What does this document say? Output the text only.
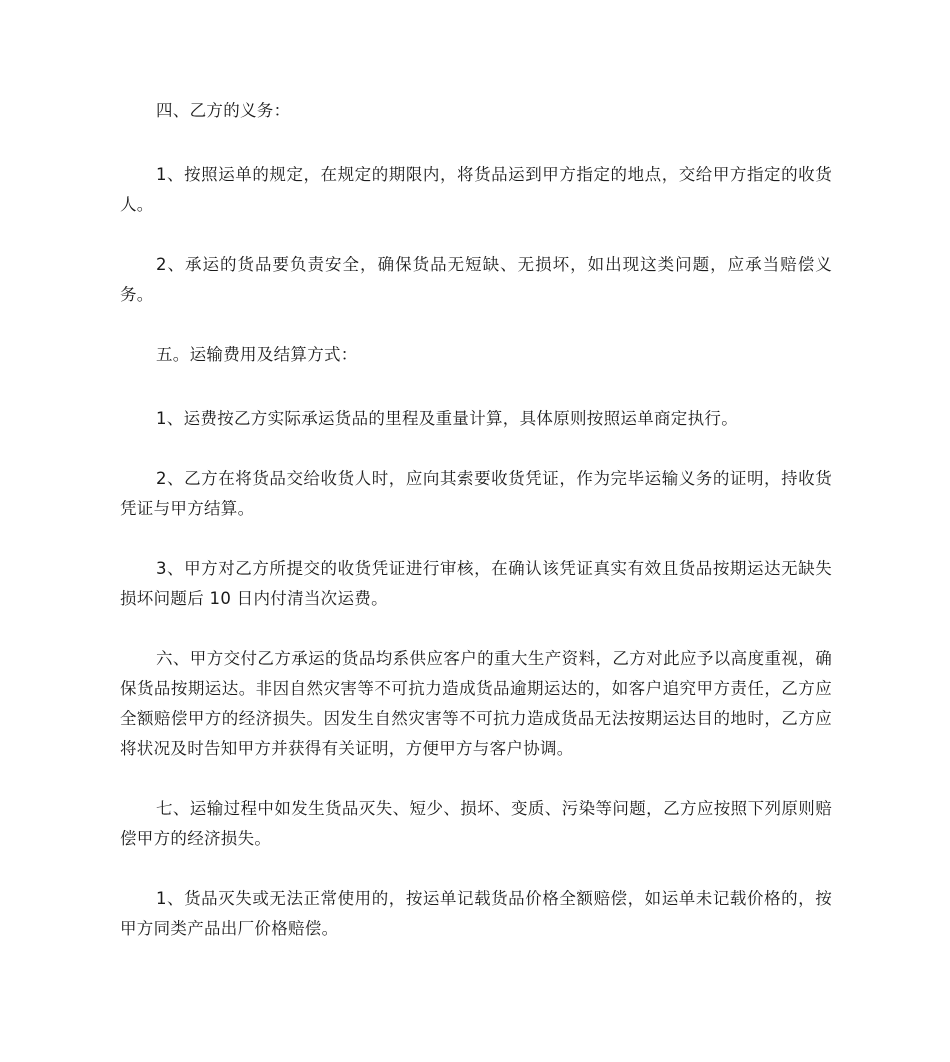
四、乙方的义务：

1、按照运单的规定，在规定的期限内，将货品运到甲方指定的地点，交给甲方指定的收货人。

2、承运的货品要负责安全，确保货品无短缺、无损坏，如出现这类问题，应承当赔偿义务。

五。运输费用及结算方式：

1、运费按乙方实际承运货品的里程及重量计算，具体原则按照运单商定执行。

2、乙方在将货品交给收货人时，应向其索要收货凭证，作为完毕运输义务的证明，持收货凭证与甲方结算。

3、甲方对乙方所提交的收货凭证进行审核，在确认该凭证真实有效且货品按期运达无缺失损坏问题后 10 日内付清当次运费。

六、甲方交付乙方承运的货品均系供应客户的重大生产资料，乙方对此应予以高度重视，确保货品按期运达。非因自然灾害等不可抗力造成货品逾期运达的，如客户追究甲方责任，乙方应全额赔偿甲方的经济损失。因发生自然灾害等不可抗力造成货品无法按期运达目的地时，乙方应将状况及时告知甲方并获得有关证明，方便甲方与客户协调。

七、运输过程中如发生货品灭失、短少、损坏、变质、污染等问题，乙方应按照下列原则赔偿甲方的经济损失。

1、货品灭失或无法正常使用的，按运单记载货品价格全额赔偿，如运单未记载价格的，按甲方同类产品出厂价格赔偿。
